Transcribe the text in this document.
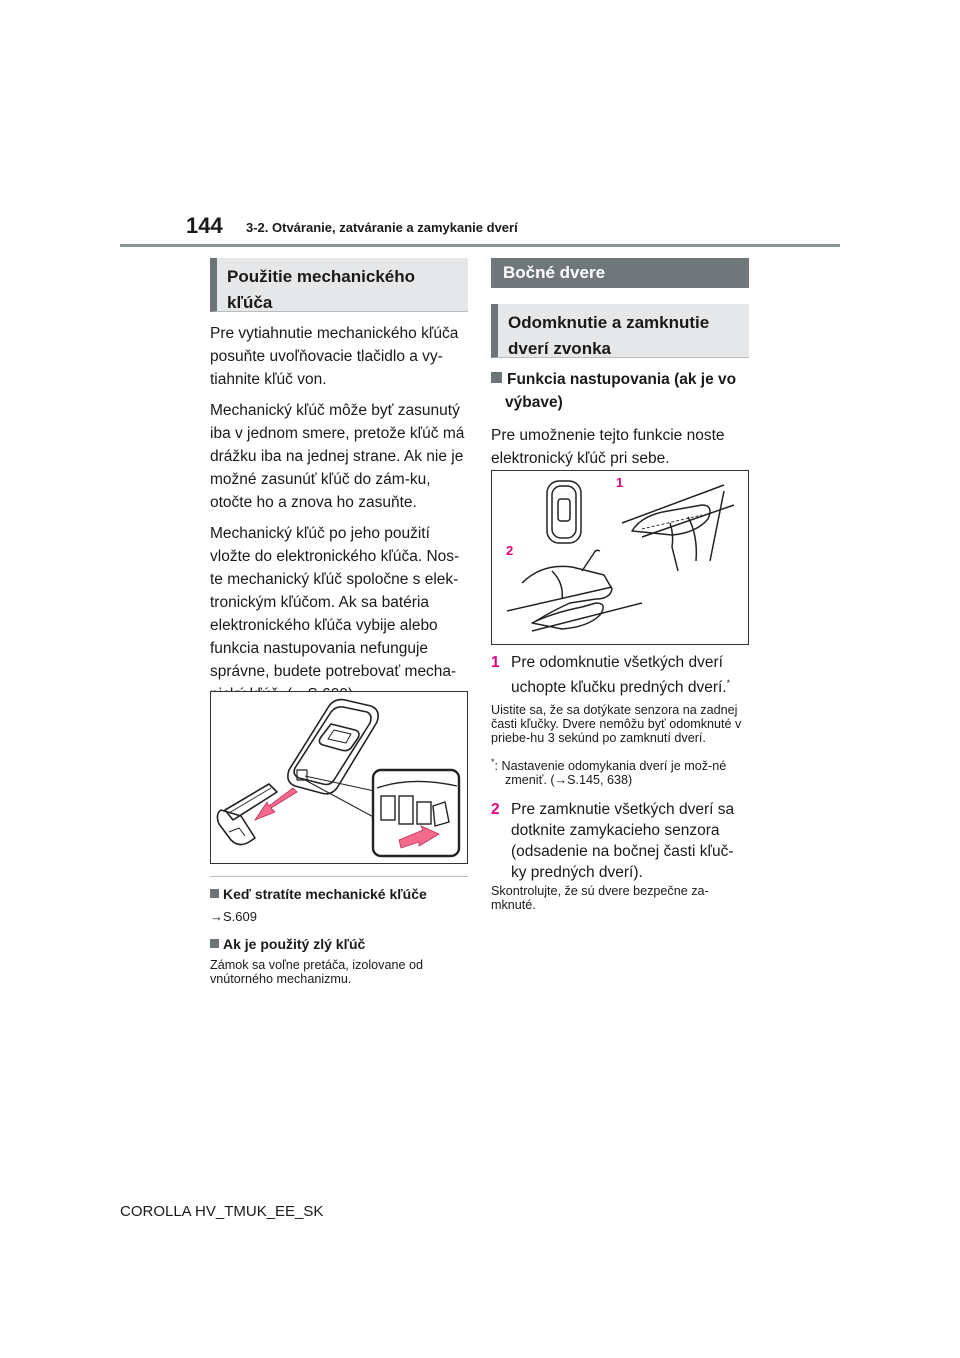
144 3-2. Otváranie, zatváranie a zamykanie dverí
Použitie mechanického kľúča

Pre vytiahnutie mechanického kľúča posuňte uvoľňovacie tlačidlo a vy-tiahnite kľúč von.

Mechanický kľúč môže byť zasunutý iba v jednom smere, pretože kľúč má drážku iba na jednej strane. Ak nie je možné zasunúť kľúč do zám-ku, otočte ho a znova ho zasuňte.

Mechanický kľúč po jeho použití vložte do elektronického kľúča. Nos-te mechanický kľúč spoločne s elek-tronickým kľúčom. Ak sa batéria elektronického kľúča vybije alebo funkcia nastupovania nefunguje správne, budete potrebovať mecha-

Keď stratíte mechanické kľúče
→S.609
Ak je použitý zlý kľúč
Zámok sa voľne pretáča, izolovane od vnútorného mechanizmu.
Bočné dvere
Odomknutie a zamknutie dverí zvonka
Funkcia nastupovania (ak je vo výbave)

Pre umožnenie tejto funkcie noste elektronický kľúč pri sebe.

1
2
1 Pre odomknutie všetkých dverí uchopte kľučku predných dverí.*
Uistite sa, že sa dotýkate senzora na zadnej časti kľučky. Dvere nemôžu byť odomknuté v priebe-hu 3 sekúnd po zamknutí dverí.
*: Nastavenie odomykania dverí je mož-né zmeniť. (→S.145, 638)
2 Pre zamknutie všetkých dverí sa dotknite zamykacieho senzora (odsadenie na bočnej časti kľuč-ky predných dverí).
Skontrolujte, že sú dvere bezpečne za-mknuté.
COROLLA HV_TMUK_EE_SK
